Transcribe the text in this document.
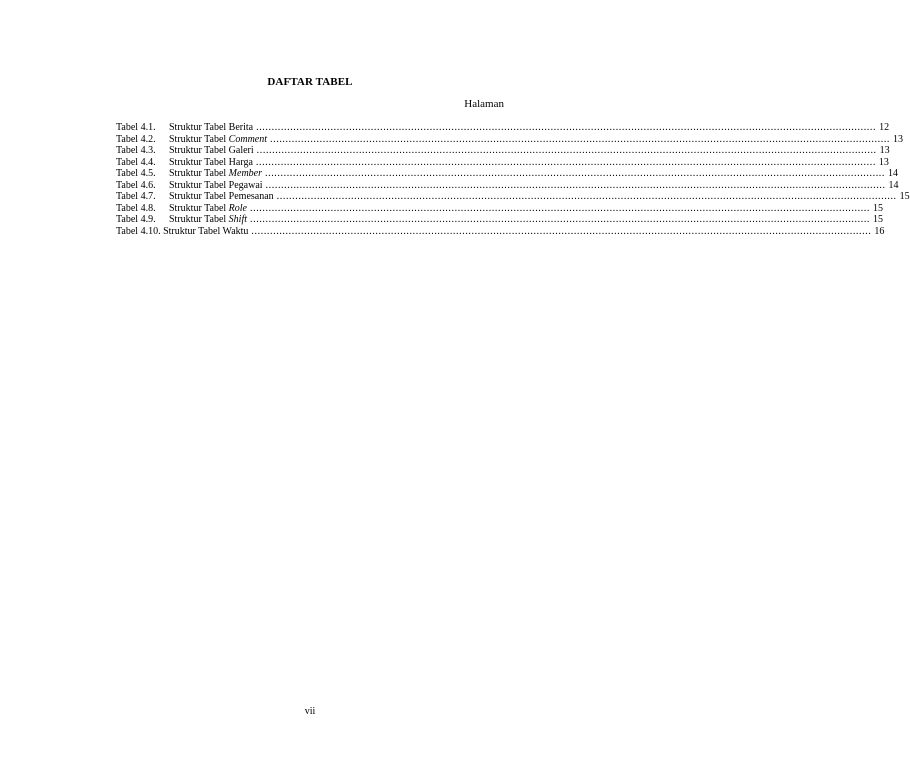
DAFTAR TABEL
Halaman
Tabel 4.1.	Struktur Tabel Berita ........................................................................................................................................................................................................ 12
Tabel 4.2.	Struktur Tabel Comment ........................................................................................................................................................................................................ 13
Tabel 4.3.	Struktur Tabel Galeri ........................................................................................................................................................................................................ 13
Tabel 4.4.	Struktur Tabel Harga ........................................................................................................................................................................................................ 13
Tabel 4.5.	Struktur Tabel Member ........................................................................................................................................................................................................ 14
Tabel 4.6.	Struktur Tabel Pegawai ........................................................................................................................................................................................................ 14
Tabel 4.7.	Struktur Tabel Pemesanan ........................................................................................................................................................................................................ 15
Tabel 4.8.	Struktur Tabel Role ........................................................................................................................................................................................................ 15
Tabel 4.9.	Struktur Tabel Shift ........................................................................................................................................................................................................ 15
Tabel 4.10. Struktur Tabel Waktu ........................................................................................................................................................................................................ 16
vii
